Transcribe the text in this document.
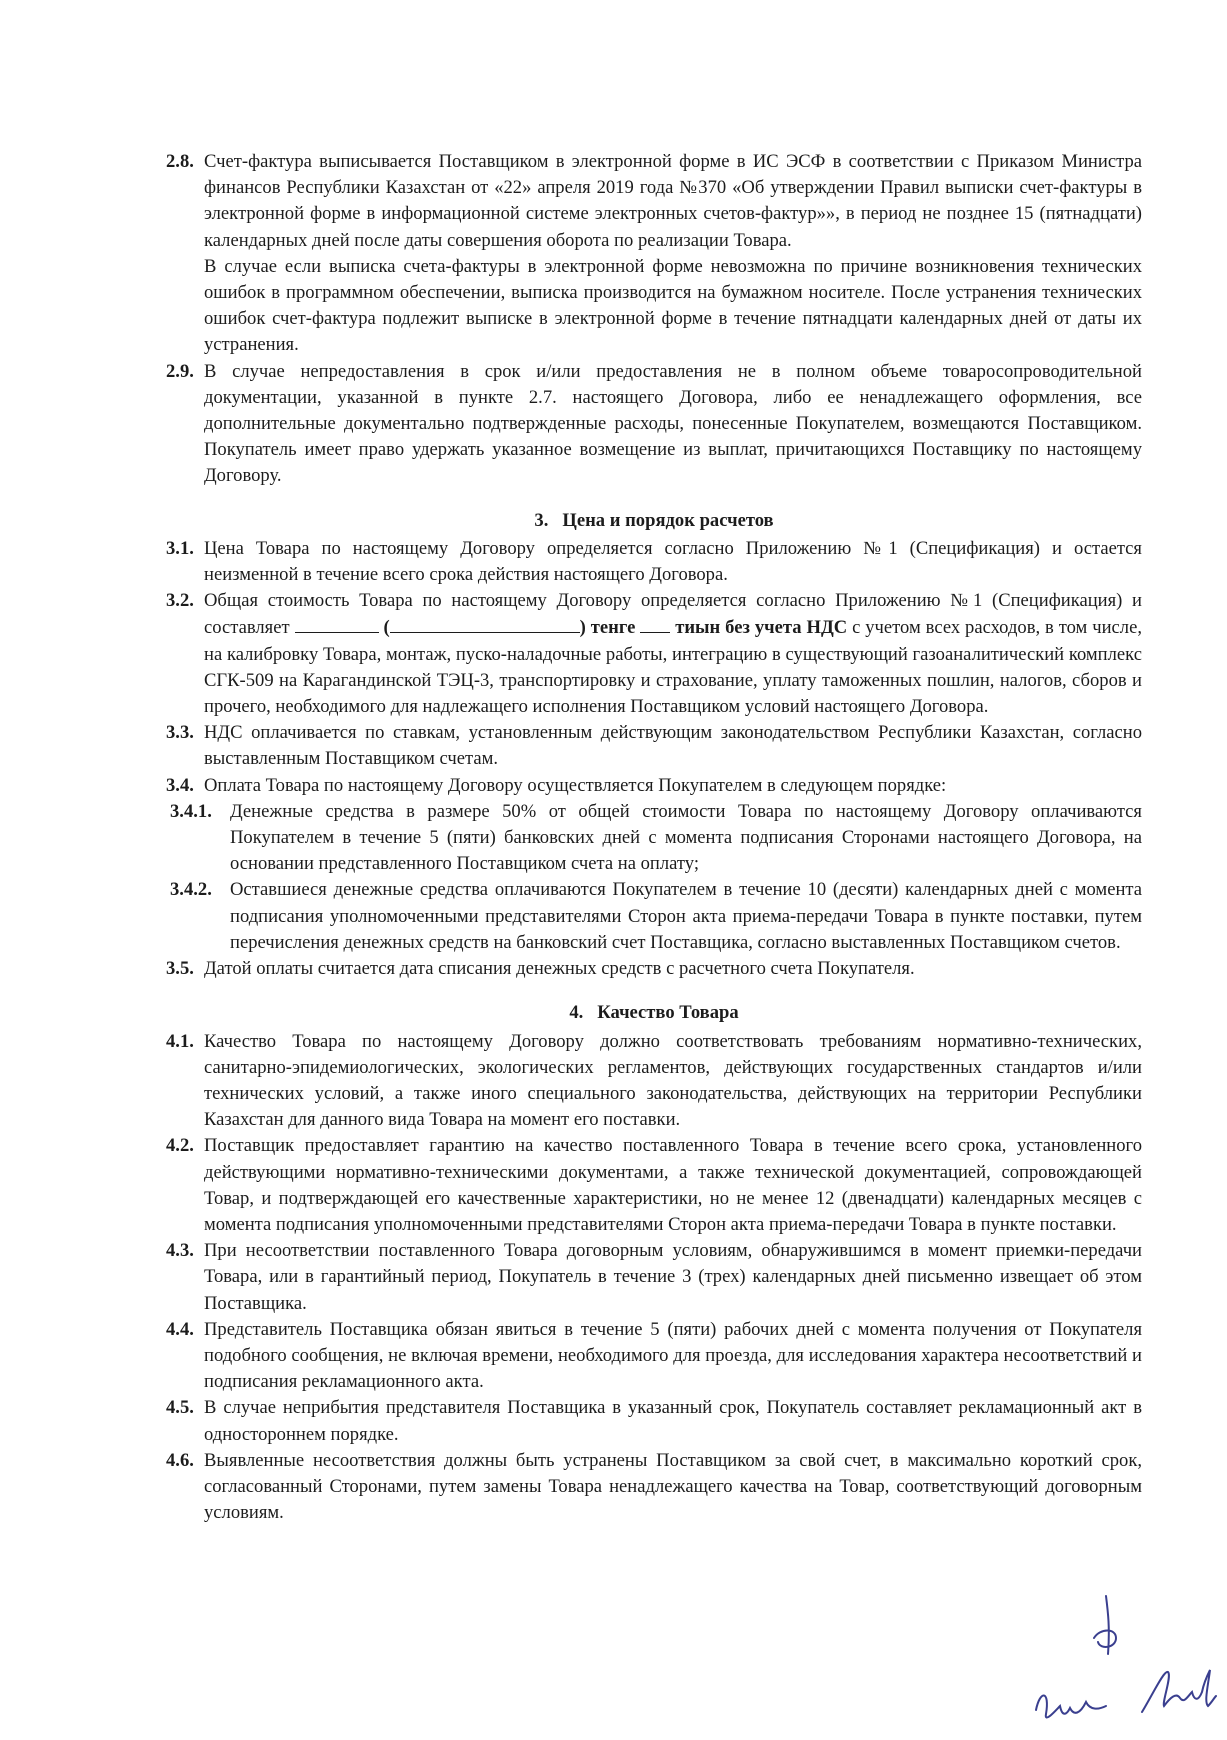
2.8. Счет-фактура выписывается Поставщиком в электронной форме в ИС ЭСФ в соответствии с Приказом Министра финансов Республики Казахстан от «22» апреля 2019 года №370 «Об утверждении Правил выписки счет-фактуры в электронной форме в информационной системе электронных счетов-фактур»», в период не позднее 15 (пятнадцати) календарных дней после даты совершения оборота по реализации Товара.
В случае если выписка счета-фактуры в электронной форме невозможна по причине возникновения технических ошибок в программном обеспечении, выписка производится на бумажном носителе. После устранения технических ошибок счет-фактура подлежит выписке в электронной форме в течение пятнадцати календарных дней от даты их устранения.
2.9. В случае непредоставления в срок и/или предоставления не в полном объеме товаросопроводительной документации, указанной в пункте 2.7. настоящего Договора, либо ее ненадлежащего оформления, все дополнительные документально подтвержденные расходы, понесенные Покупателем, возмещаются Поставщиком. Покупатель имеет право удержать указанное возмещение из выплат, причитающихся Поставщику по настоящему Договору.
3. Цена и порядок расчетов
3.1. Цена Товара по настоящему Договору определяется согласно Приложению №1 (Спецификация) и остается неизменной в течение всего срока действия настоящего Договора.
3.2. Общая стоимость Товара по настоящему Договору определяется согласно Приложению №1 (Спецификация) и составляет	(	) тенге тиын без учета НДС с учетом всех расходов, в том числе, на калибровку Товара, монтаж, пуско-наладочные работы, интеграцию в существующий газоаналитический комплекс СГК-509 на Карагандинской ТЭЦ-3, транспортировку и страхование, уплату таможенных пошлин, налогов, сборов и прочего, необходимого для надлежащего исполнения Поставщиком условий настоящего Договора.
3.3. НДС оплачивается по ставкам, установленным действующим законодательством Республики Казахстан, согласно выставленным Поставщиком счетам.
3.4. Оплата Товара по настоящему Договору осуществляется Покупателем в следующем порядке:
3.4.1. Денежные средства в размере 50% от общей стоимости Товара по настоящему Договору оплачиваются Покупателем в течение 5 (пяти) банковских дней с момента подписания Сторонами настоящего Договора, на основании представленного Поставщиком счета на оплату;
3.4.2. Оставшиеся денежные средства оплачиваются Покупателем в течение 10 (десяти) календарных дней с момента подписания уполномоченными представителями Сторон акта приема-передачи Товара в пункте поставки, путем перечисления денежных средств на банковский счет Поставщика, согласно выставленных Поставщиком счетов.
3.5. Датой оплаты считается дата списания денежных средств с расчетного счета Покупателя.
4. Качество Товара
4.1. Качество Товара по настоящему Договору должно соответствовать требованиям нормативно-технических, санитарно-эпидемиологических, экологических регламентов, действующих государственных стандартов и/или технических условий, а также иного специального законодательства, действующих на территории Республики Казахстан для данного вида Товара на момент его поставки.
4.2. Поставщик предоставляет гарантию на качество поставленного Товара в течение всего срока, установленного действующими нормативно-техническими документами, а также технической документацией, сопровождающей Товар, и подтверждающей его качественные характеристики, но не менее 12 (двенадцати) календарных месяцев с момента подписания уполномоченными представителями Сторон акта приема-передачи Товара в пункте поставки.
4.3. При несоответствии поставленного Товара договорным условиям, обнаружившимся в момент приемки-передачи Товара, или в гарантийный период, Покупатель в течение 3 (трех) календарных дней письменно извещает об этом Поставщика.
4.4. Представитель Поставщика обязан явиться в течение 5 (пяти) рабочих дней с момента получения от Покупателя подобного сообщения, не включая времени, необходимого для проезда, для исследования характера несоответствий и подписания рекламационного акта.
4.5. В случае неприбытия представителя Поставщика в указанный срок, Покупатель составляет рекламационный акт в одностороннем порядке.
4.6. Выявленные несоответствия должны быть устранены Поставщиком за свой счет, в максимально короткий срок, согласованный Сторонами, путем замены Товара ненадлежащего качества на Товар, соответствующий договорным условиям.
